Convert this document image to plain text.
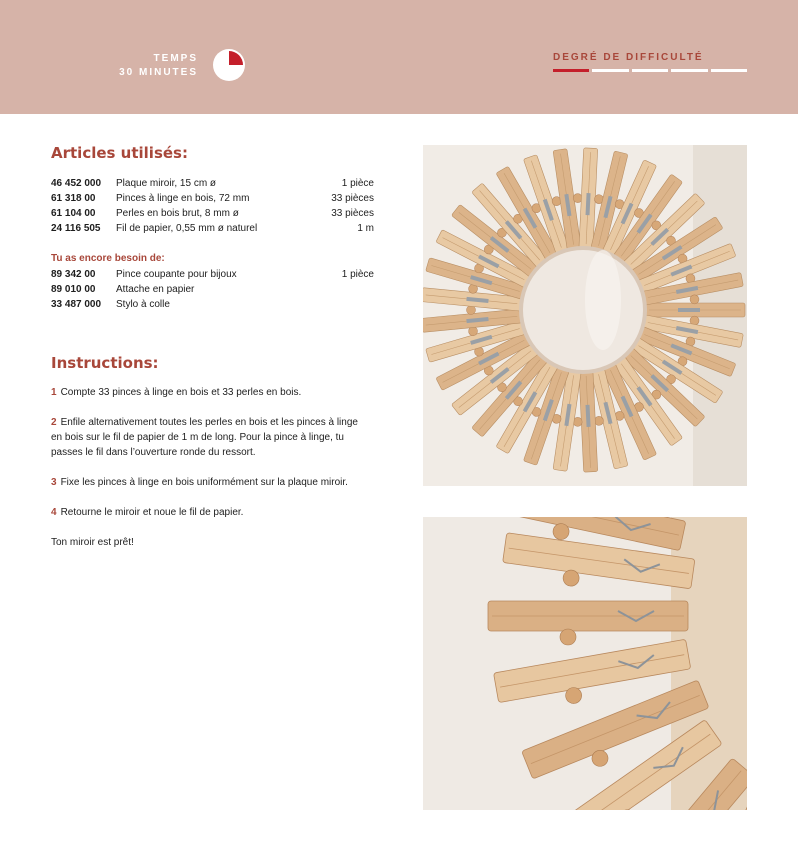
TEMPS
30 MINUTES
DEGRÉ DE DIFFICULTÉ
Articles utilisés:
46 452 000	Plaque miroir, 15 cm ø	1 pièce
61 318 00	Pinces à linge en bois, 72 mm	33 pièces
61 104 00	Perles en bois brut, 8 mm ø	33 pièces
24 116 505	Fil de papier, 0,55 mm ø naturel	1 m
Tu as encore besoin de:
89 342 00	Pince coupante pour bijoux	1 pièce
89 010 00	Attache en papier
33 487 000	Stylo à colle
Instructions:

1 Compte 33 pinces à linge en bois et 33 perles en bois.

2 Enfile alternativement toutes les perles en bois et les pinces à linge en bois sur le fil de papier de 1 m de long. Pour la pince à linge, tu passes le fil dans l’ouverture ronde du ressort.

3 Fixe les pinces à linge en bois uniformément sur la plaque miroir.

4 Retourne le miroir et noue le fil de papier.

Ton miroir est prêt!
